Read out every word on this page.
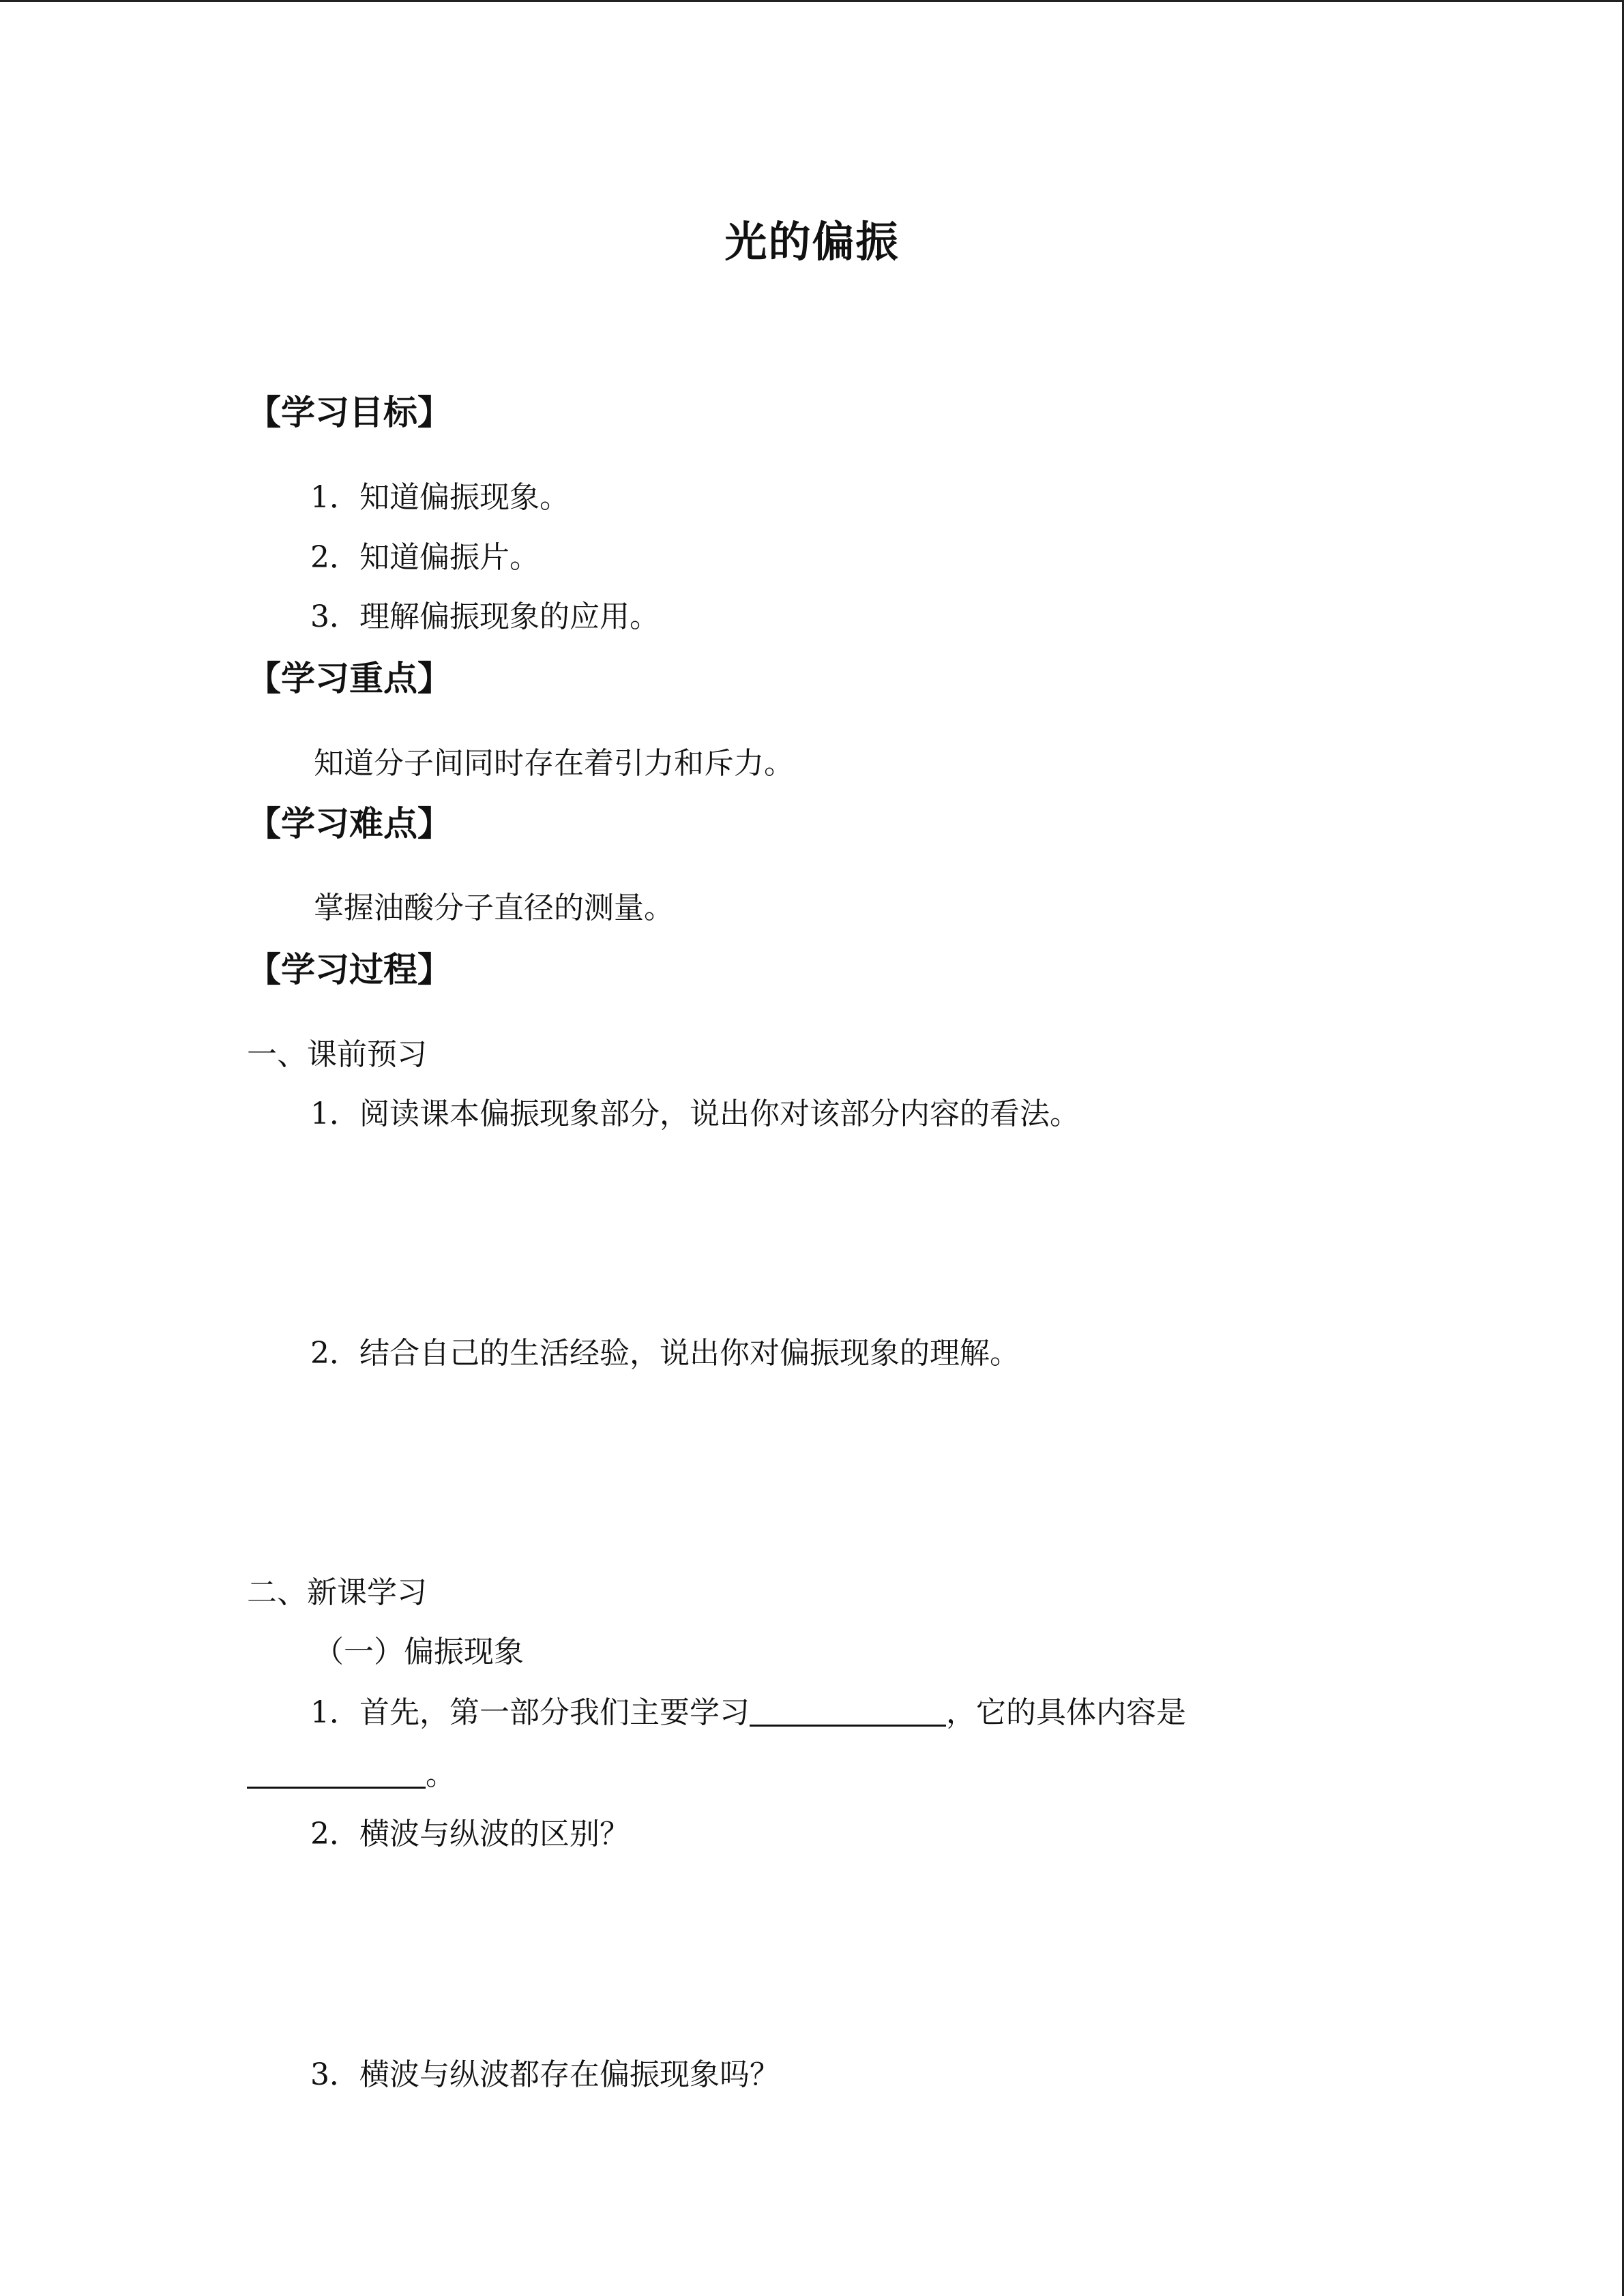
光的偏振
【学习目标】
1．知道偏振现象。
2．知道偏振片。
3．理解偏振现象的应用。
【学习重点】
知道分子间同时存在着引力和斥力。
【学习难点】
掌握油酸分子直径的测量。
【学习过程】
一、课前预习
1．阅读课本偏振现象部分，说出你对该部分内容的看法。
2．结合自己的生活经验，说出你对偏振现象的理解。
二、新课学习
（一）偏振现象
1．首先，第一部分我们主要学习	，它的具体内容是
。
2．横波与纵波的区别？
3．横波与纵波都存在偏振现象吗？
